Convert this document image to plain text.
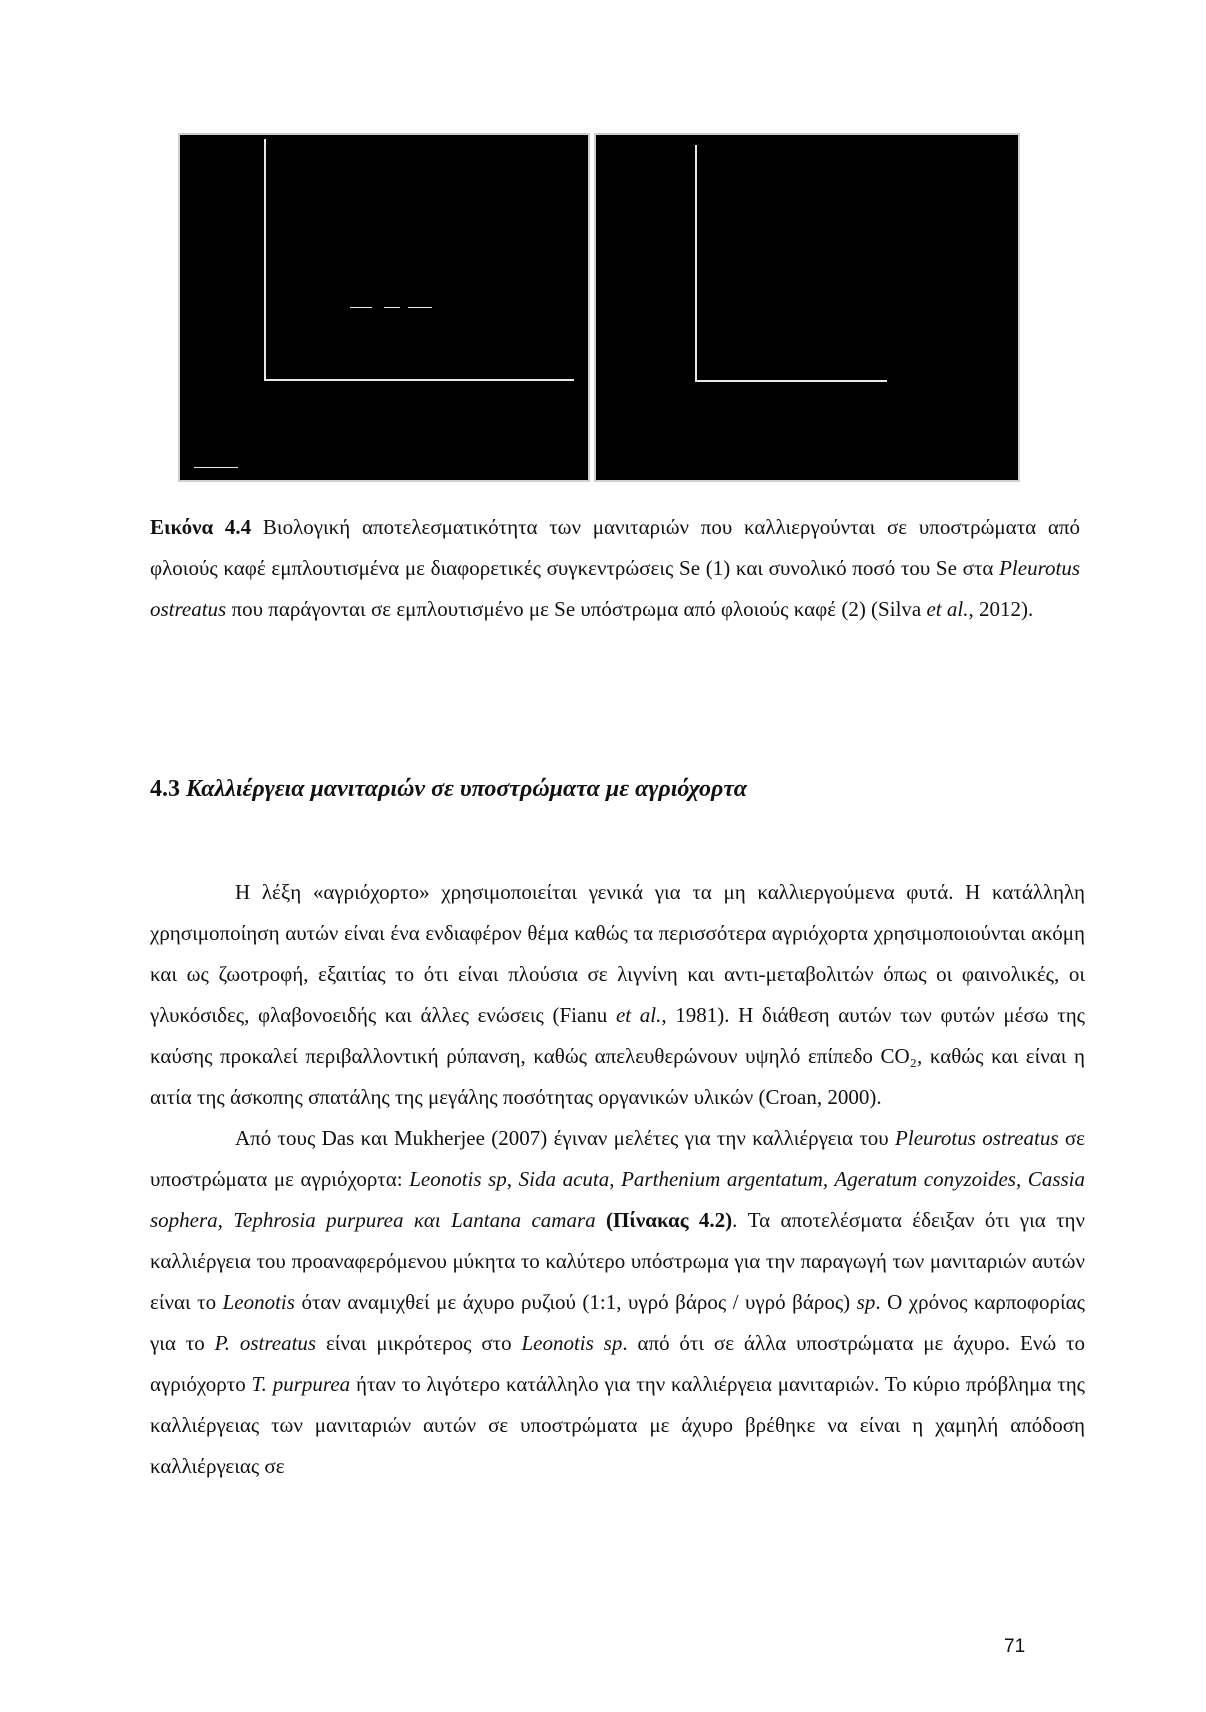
Εικόνα 4.4 Βιολογική αποτελεσματικότητα των μανιταριών που καλλιεργούνται σε υποστρώματα από φλοιούς καφέ εμπλουτισμένα με διαφορετικές συγκεντρώσεις Se (1) και συνολικό ποσό του Se στα Pleurotus ostreatus που παράγονται σε εμπλουτισμένο με Se υπόστρωμα από φλοιούς καφέ (2) (Silva et al., 2012).

4.3 Καλλιέργεια μανιταριών σε υποστρώματα με αγριόχορτα

Η λέξη «αγριόχορτο» χρησιμοποιείται γενικά για τα μη καλλιεργούμενα φυτά. Η κατάλληλη χρησιμοποίηση αυτών είναι ένα ενδιαφέρον θέμα καθώς τα περισσότερα αγριόχορτα χρησιμοποιούνται ακόμη και ως ζωοτροφή, εξαιτίας το ότι είναι πλούσια σε λιγνίνη και αντι-μεταβολιτών όπως οι φαινολικές, οι γλυκόσιδες, φλαβονοειδής και άλλες ενώσεις (Fianu et al., 1981). Η διάθεση αυτών των φυτών μέσω της καύσης προκαλεί περιβαλλοντική ρύπανση, καθώς απελευθερώνουν υψηλό επίπεδο CO₂, καθώς και είναι η αιτία της άσκοπης σπατάλης της μεγάλης ποσότητας οργανικών υλικών (Croan, 2000).

Από τους Das και Mukherjee (2007) έγιναν μελέτες για την καλλιέργεια του Pleurotus ostreatus σε υποστρώματα με αγριόχορτα: Leonotis sp, Sida acuta, Parthenium argentatum, Ageratum conyzoides, Cassia sophera, Tephrosia purpurea και Lantana camara (Πίνακας 4.2). Τα αποτελέσματα έδειξαν ότι για την καλλιέργεια του προαναφερόμενου μύκητα το καλύτερο υπόστρωμα για την παραγωγή των μανιταριών αυτών είναι το Leonotis όταν αναμιχθεί με άχυρο ρυζιού (1:1, υγρό βάρος / υγρό βάρος) sp. Ο χρόνος καρποφορίας για το P. ostreatus είναι μικρότερος στο Leonotis sp. από ότι σε άλλα υποστρώματα με άχυρο. Ενώ το αγριόχορτο T. purpurea ήταν το λιγότερο κατάλληλο για την καλλιέργεια μανιταριών. Το κύριο πρόβλημα της καλλιέργειας των μανιταριών αυτών σε υποστρώματα με άχυρο βρέθηκε να είναι η χαμηλή απόδοση καλλιέργειας σε

71
